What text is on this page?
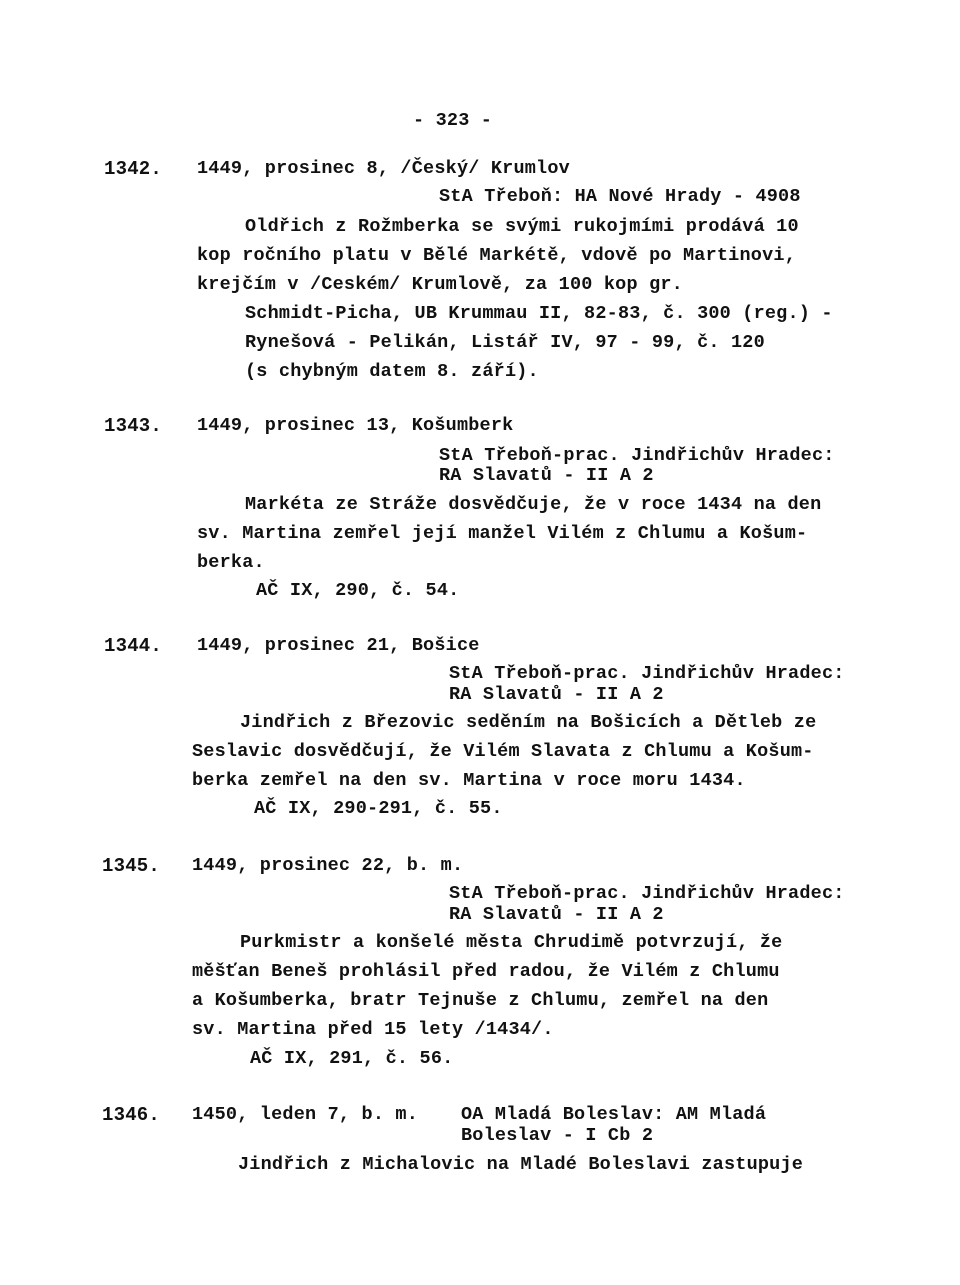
- 323 -
1342. 1449, prosinec 8, /Český/ Krumlov
StA Třeboň: HA Nové Hrady - 4908
Oldřich z Rožmberka se svými rukojmími prodává 10
kop ročního platu v Bělé Markétě, vdově po Martinovi,
krejčím v /Ceském/ Krumlově, za 100 kop gr.
Schmidt-Picha, UB Krummau II, 82-83, č. 300 (reg.) -
Rynešová - Pelikán, Listář IV, 97 - 99, č. 120
(s chybným datem 8. září).
1343. 1449, prosinec 13, Košumberk
StA Třeboň-prac. Jindřichův Hradec:
RA Slavatů - II A 2
Markéta ze Stráže dosvědčuje, že v roce 1434 na den
sv. Martina zemřel její manžel Vilém z Chlumu a Košum-
berka.
AČ IX, 290, č. 54.
1344. 1449, prosinec 21, Bošice
StA Třeboň-prac. Jindřichův Hradec:
RA Slavatů - II A 2
Jindřich z Březovic seděním na Bošicích a Dětleb ze
Seslavic dosvědčují, že Vilém Slavata z Chlumu a Košum-
berka zemřel na den sv. Martina v roce moru 1434.
AČ IX, 290-291, č. 55.
1345. 1449, prosinec 22, b. m.
StA Třeboň-prac. Jindřichův Hradec:
RA Slavatů - II A 2
Purkmistr a konšelé města Chrudimě potvrzují, že
měšťan Beneš prohlásil před radou, že Vilém z Chlumu
a Košumberka, bratr Tejnuše z Chlumu, zemřel na den
sv. Martina před 15 lety /1434/.
AČ IX, 291, č. 56.
1346. 1450, leden 7, b. m. OA Mladá Boleslav: AM Mladá
Boleslav - I Cb 2
Jindřich z Michalovic na Mladé Boleslavi zastupuje
